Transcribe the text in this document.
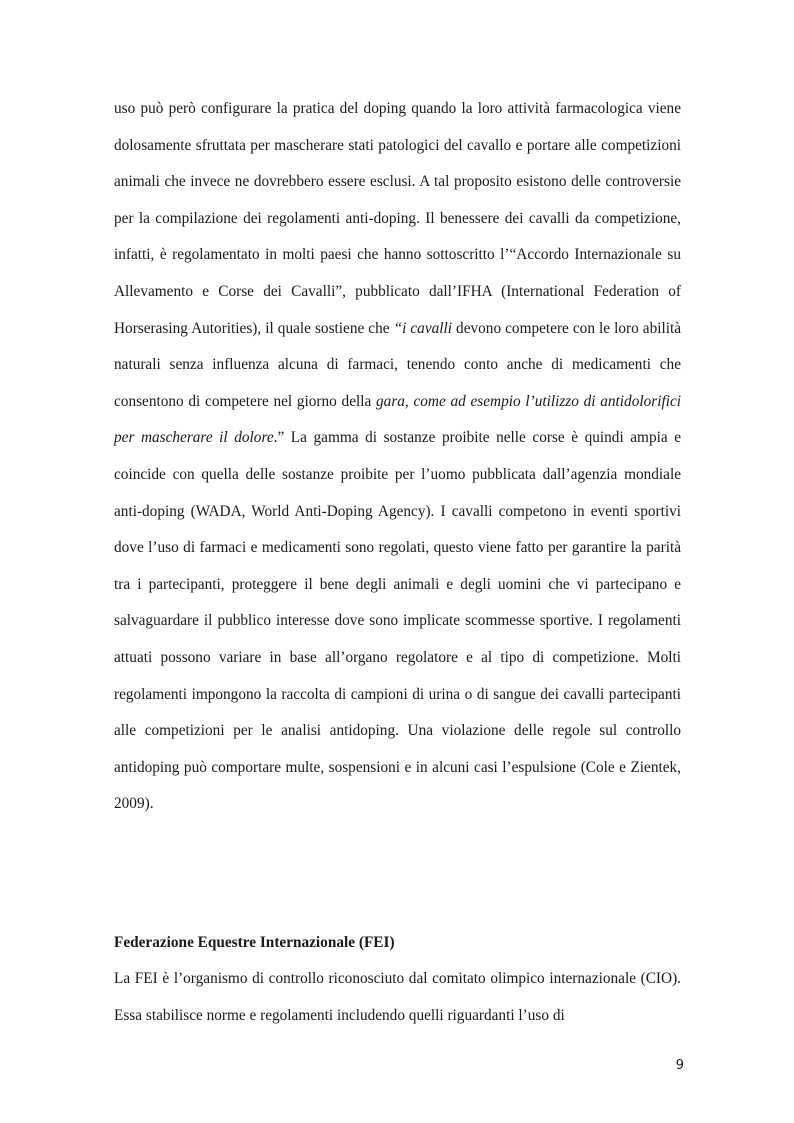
uso può però configurare la pratica del doping quando la loro attività farmacologica viene dolosamente sfruttata per mascherare stati patologici del cavallo e portare alle competizioni animali che invece ne dovrebbero essere esclusi. A tal proposito esistono delle controversie per la compilazione dei regolamenti anti-doping. Il benessere dei cavalli da competizione, infatti, è regolamentato in molti paesi che hanno sottoscritto l’“Accordo Internazionale su Allevamento e Corse dei Cavalli”, pubblicato dall’IFHA (International Federation of Horserasing Autorities), il quale sostiene che “i cavalli devono competere con le loro abilità naturali senza influenza alcuna di farmaci, tenendo conto anche di medicamenti che consentono di competere nel giorno della gara, come ad esempio l’utilizzo di antidolorifici per mascherare il dolore.” La gamma di sostanze proibite nelle corse è quindi ampia e coincide con quella delle sostanze proibite per l’uomo pubblicata dall’agenzia mondiale anti-doping (WADA, World Anti-Doping Agency). I cavalli competono in eventi sportivi dove l’uso di farmaci e medicamenti sono regolati, questo viene fatto per garantire la parità tra i partecipanti, proteggere il bene degli animali e degli uomini che vi partecipano e salvaguardare il pubblico interesse dove sono implicate scommesse sportive. I regolamenti attuati possono variare in base all’organo regolatore e al tipo di competizione. Molti regolamenti impongono la raccolta di campioni di urina o di sangue dei cavalli partecipanti alle competizioni per le analisi antidoping. Una violazione delle regole sul controllo antidoping può comportare multe, sospensioni e in alcuni casi l’espulsione (Cole e Zientek, 2009).

Federazione Equestre Internazionale (FEI)

La FEI è l’organismo di controllo riconosciuto dal comitato olimpico internazionale (CIO). Essa stabilisce norme e regolamenti includendo quelli riguardanti l’uso di

9
